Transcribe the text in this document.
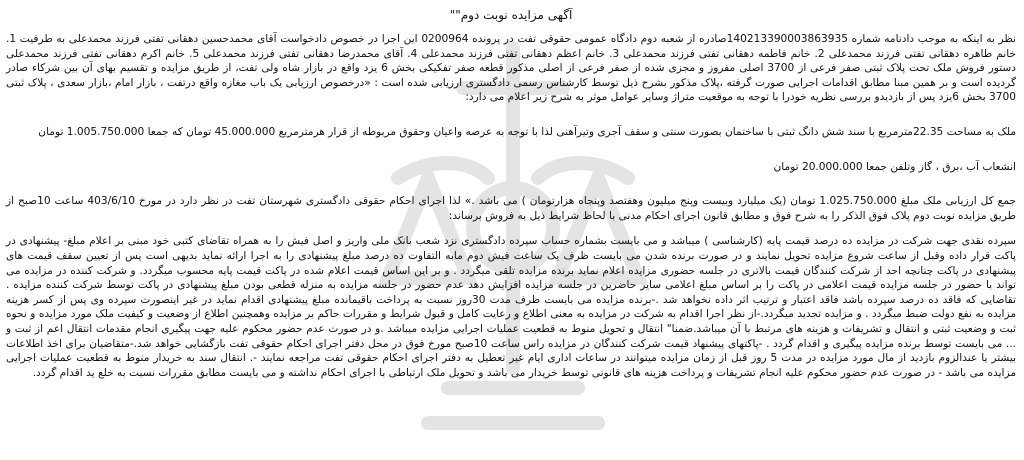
آگهی مزایده نوبت دوم""

نظر به اینکه به موجب دادنامه شماره 140213390003863935صادره از شعبه دوم دادگاه عمومی حقوقی تفت در پرونده 0200964 این اجرا در خصوص دادخواست آقای محمدحسین دهقانی تفتی فرزند محمدعلی به طرفیت 1. خانم طاهره دهقانی تفتی فرزند محمدعلی 2. خانم فاطمه دهقانی تفتی فرزند محمدعلی 3. خانم اعظم دهقانی تفتی فرزند محمدعلی 4. آقای محمدرضا دهقانی تفتی فرزند محمدعلی 5. خانم اکرم دهقانی تفتی فرزند محمدعلی دستور فروش ملک تحت پلاک ثبتی صفر فرعی از 3700 اصلی مفروز و مجزی شده از صفر فرعی از اصلی مذکور قطعه صفر تفکیکی بخش 6 یزد واقع در بازار شاه ولی تفت، از طریق مزایده و تقسیم بهای آن بین شرکاء صادر گردیده است و بر همین مبنا مطابق اقدامات اجرایی صورت گرفته ،پلاک مذکور بشرح ذیل توسط کارشناس رسمی دادگستری ارزیابی شده است : «درخصوص ارزیابی یک باب مغازه واقع درتفت ، بازار امام ،بازار سعدی ، پلاک ثبتی 3700 بخش 6یزد پس از بازدیدو بررسی نظریه خودرا با توجه به موقعیت متراژ وسایر عوامل موثر به شرح زیر اعلام می دارد:

ملک به مساحت 22.35مترمربع با سند شش دانگ ثبتی با ساختمان بصورت سنتی و سقف آجری وتیرآهنی لذا با توجه به عرصه واعیان وحقوق مربوطه از قرار هرمترمربع 45.000.000 تومان که جمعا 1.005.750.000 تومان

انشعاب آب ،برق ، گاز وتلفن جمعا 20.000.000 تومان

جمع کل ارزیابی ملک مبلغ 1.025.750.000 تومان (یک میلیارد وبیست وپنج میلیون وهفتصد وپنجاه هزارتومان ) می باشد .» لذا اجرای احکام حقوقی دادگستری شهرستان تفت در نظر دارد در مورخ 403/6/10 ساعت 10صبح از طریق مزایده نوبت دوم پلاک فوق الذکر را به شرح فوق و مطابق قانون اجرای احکام مدنی با لحاظ شرایط ذیل به فروش برساند:

سپرده نقدی جهت شرکت در مزایده ده درصد قیمت پایه (کارشناسی ) میباشد و می بایست بشماره حساب سپرده دادگستری نزد شعب بانک ملی واریز و اصل فیش را به همراه تقاضای کتبی خود مبنی بر اعلام مبلغ- پیشنهادی در پاکت قرار داده وقبل از ساعت شروع مزایده تحویل نمایند و در صورت برنده شدن می بایست ظرف یک ساعت فیش دوم مابه التفاوت ده درصد مبلغ پیشنهادی را به اجرا ارائه نماید بدیهی است پس از تعیین سقف قیمت های پیشنهادی در پاکت چنانچه احد از شرکت کنندگان قیمت بالاتری در جلسه حضوری مزایده اعلام نماید برنده مزایده تلقی میگردد . و بر این اساس قیمت اعلام شده در پاکت قیمت پایه محسوب میگردد. و شرکت کننده در مزایده می تواند با حضور در جلسه مزایده قیمت اعلامی در پاکت را بر اساس مبلغ اعلامی سایر حاضرین در جلسه مزایده افزایش دهد عدم حضور در جلسه مزایده به منزله قطعی بودن مبلغ پیشنهادی در پاکت توسط شرکت کننده مزایده . تقاضایی که فاقد ده درصد سپرده باشد فاقد اعتبار و ترتیب اثر داده نخواهد شد .-برنده مزایده می بایست ظرف مدت 30روز نسبت به پرداخت باقیمانده مبلغ پیشنهادی اقدام نماید در غیر اینصورت سپرده وی پس از کسر هزینه مزایده به نفع دولت ضبط میگردد . و مزایده تجدید میگردد.-از نظر اجرا اقدام به شرکت در مزایده به معنی اطلاع و رعایت کامل و قبول شرایط و مقررات حاکم بر مزایده وهمچنین اطلاع از وضعیت و کیفیت ملک مورد مزایده و نحوه ثبت و وضعیت ثبتی و انتقال و تشریفات و هزینه های مرتبط با آن میباشد.ضمنا" انتقال و تحویل منوط به قطعیت عملیات اجرایی مزایده میباشد .و در صورت عدم حضور محکوم علیه جهت پیگیری انجام مقدمات انتقال اعم از ثبت و ... می بایست توسط برنده مزایده پیگیری و اقدام گردد . -پاکتهای پیشنهاد قیمت شرکت کنندگان در مزایده راس ساعت 10صبح مورخ فوق در محل دفتر اجرای احکام حقوقی تفت بازگشایی خواهد شد.-متقاضیان برای اخذ اطلاعات بیشتر یا عندالزوم بازدید از مال مورد مزایده در مدت 5 روز قبل از زمان مزایده میتوانند در ساعات اداری ایام غیر تعطیل به دفتر اجرای احکام حقوقی تفت مراجعه نمایند -. انتقال سند به خریدار منوط به قطعیت عملیات اجرایی مزایده می باشد - در صورت عدم حضور محکوم علیه انجام تشریفات و پرداخت هزینه های قانونی توسط خریدار می باشد و تحویل ملک ارتباطی با اجرای احکام نداشته و می بایست مطابق مقررات نسبت به خلع ید اقدام گردد.
